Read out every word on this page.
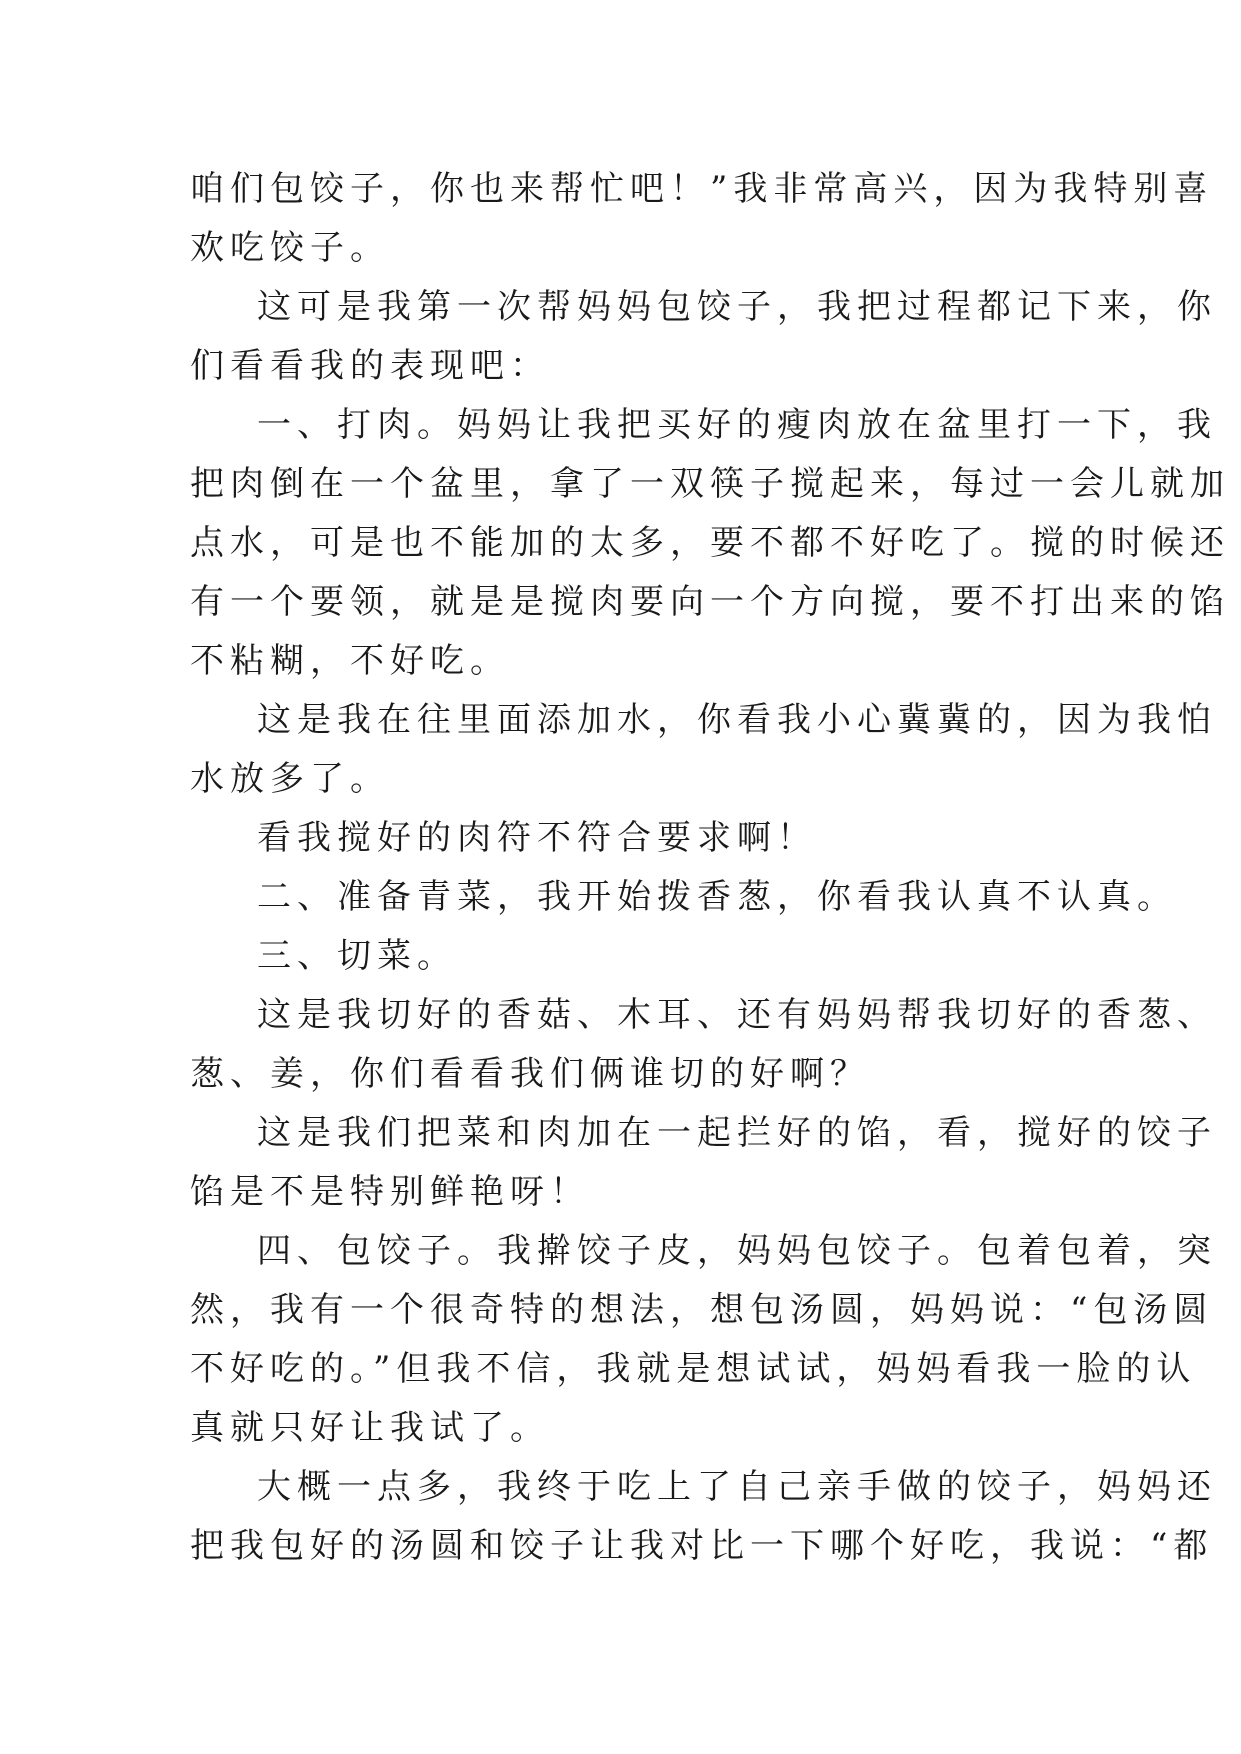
咱们包饺子，你也来帮忙吧！”我非常高兴，因为我特别喜
欢吃饺子。
这可是我第一次帮妈妈包饺子，我把过程都记下来，你
们看看我的表现吧：
一、打肉。妈妈让我把买好的瘦肉放在盆里打一下，我
把肉倒在一个盆里，拿了一双筷子搅起来，每过一会儿就加
点水，可是也不能加的太多，要不都不好吃了。搅的时候还
有一个要领，就是是搅肉要向一个方向搅，要不打出来的馅
不粘糊，不好吃。
这是我在往里面添加水，你看我小心冀冀的，因为我怕
水放多了。
看我搅好的肉符不符合要求啊！
二、准备青菜，我开始拨香葱，你看我认真不认真。
三、切菜。
这是我切好的香菇、木耳、还有妈妈帮我切好的香葱、
葱、姜，你们看看我们俩谁切的好啊？
这是我们把菜和肉加在一起拦好的馅，看，搅好的饺子
馅是不是特别鲜艳呀！
四、包饺子。我擀饺子皮，妈妈包饺子。包着包着，突
然，我有一个很奇特的想法，想包汤圆，妈妈说：“包汤圆
不好吃的。”但我不信，我就是想试试，妈妈看我一脸的认
真就只好让我试了。
大概一点多，我终于吃上了自己亲手做的饺子，妈妈还
把我包好的汤圆和饺子让我对比一下哪个好吃，我说：“都
